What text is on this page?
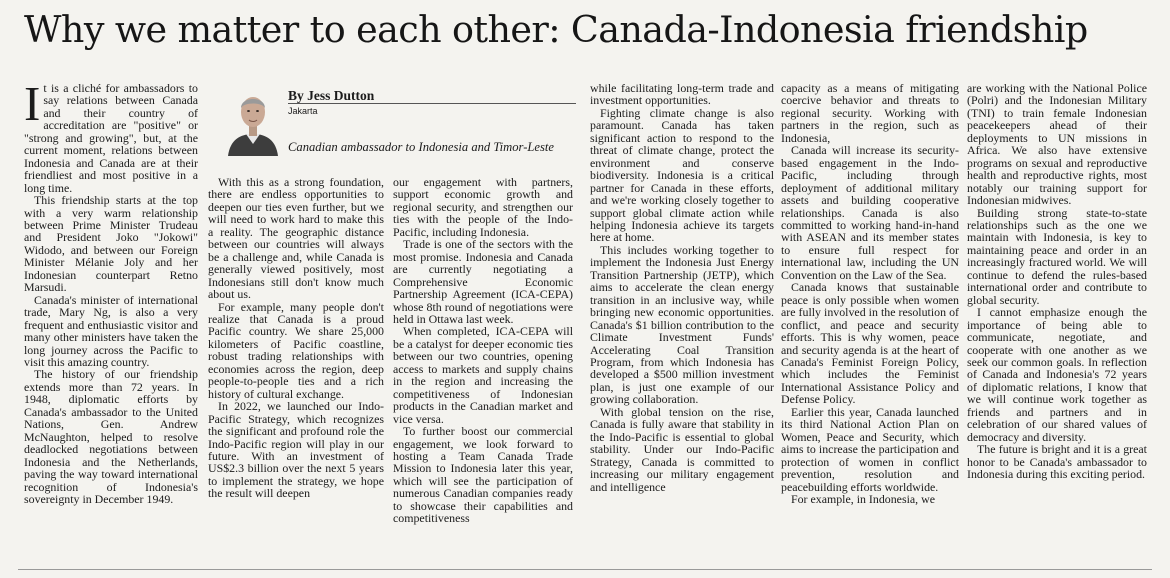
Why we matter to each other: Canada-Indonesia friendship
By Jess Dutton
Jakarta
Canadian ambassador to Indonesia and Timor-Leste

It is a cliché for ambassadors to say relations between Canada and their country of accreditation are "positive" or "strong and growing", but, at the current moment, relations between Indonesia and Canada are at their friendliest and most positive in a long time.

This friendship starts at the top with a very warm relationship between Prime Minister Trudeau and President Joko "Jokowi" Widodo, and between our Foreign Minister Mélanie Joly and her Indonesian counterpart Retno Marsudi.

Canada's minister of international trade, Mary Ng, is also a very frequent and enthusiastic visitor and many other ministers have taken the long journey across the Pacific to visit this amazing country.

The history of our friendship extends more than 72 years. In 1948, diplomatic efforts by Canada's ambassador to the United Nations, Gen. Andrew McNaughton, helped to resolve deadlocked negotiations between Indonesia and the Netherlands, paving the way toward international recognition of Indonesia's sovereignty in December 1949.

With this as a strong foundation, there are endless opportunities to deepen our ties even further, but we will need to work hard to make this a reality. The geographic distance between our countries will always be a challenge and, while Canada is generally viewed positively, most Indonesians still don't know much about us.

For example, many people don't realize that Canada is a proud Pacific country. We share 25,000 kilometers of Pacific coastline, robust trading relationships with economies across the region, deep people-to-people ties and a rich history of cultural exchange.

In 2022, we launched our Indo-Pacific Strategy, which recognizes the significant and profound role the Indo-Pacific region will play in our future. With an investment of US$2.3 billion over the next 5 years to implement the strategy, we hope the result will deepen

our engagement with partners, support economic growth and regional security, and strengthen our ties with the people of the Indo-Pacific, including Indonesia.

Trade is one of the sectors with the most promise. Indonesia and Canada are currently negotiating a Comprehensive Economic Partnership Agreement (ICA-CEPA) whose 8th round of negotiations were held in Ottawa last week.

When completed, ICA-CEPA will be a catalyst for deeper economic ties between our two countries, opening access to markets and supply chains in the region and increasing the competitiveness of Indonesian products in the Canadian market and vice versa.

To further boost our commercial engagement, we look forward to hosting a Team Canada Trade Mission to Indonesia later this year, which will see the participation of numerous Canadian companies ready to showcase their capabilities and competitiveness

while facilitating long-term trade and investment opportunities.

Fighting climate change is also paramount. Canada has taken significant action to respond to the threat of climate change, protect the environment and conserve biodiversity. Indonesia is a critical partner for Canada in these efforts, and we're working closely together to support global climate action while helping Indonesia achieve its targets here at home.

This includes working together to implement the Indonesia Just Energy Transition Partnership (JETP), which aims to accelerate the clean energy transition in an inclusive way, while bringing new economic opportunities. Canada's $1 billion contribution to the Climate Investment Funds' Accelerating Coal Transition Program, from which Indonesia has developed a $500 million investment plan, is just one example of our growing collaboration.

With global tension on the rise, Canada is fully aware that stability in the Indo-Pacific is essential to global stability. Under our Indo-Pacific Strategy, Canada is committed to increasing our military engagement and intelligence

capacity as a means of mitigating coercive behavior and threats to regional security. Working with partners in the region, such as Indonesia,

Canada will increase its security-based engagement in the Indo-Pacific, including through deployment of additional military assets and building cooperative relationships. Canada is also committed to working hand-in-hand with ASEAN and its member states to ensure full respect for international law, including the UN Convention on the Law of the Sea.

Canada knows that sustainable peace is only possible when women are fully involved in the resolution of conflict, and peace and security efforts. This is why women, peace and security agenda is at the heart of Canada's Feminist Foreign Policy, which includes the Feminist International Assistance Policy and Defense Policy.

Earlier this year, Canada launched its third National Action Plan on Women, Peace and Security, which aims to increase the participation and protection of women in conflict prevention, resolution and peacebuilding efforts worldwide.

For example, in Indonesia, we

are working with the National Police (Polri) and the Indonesian Military (TNI) to train female Indonesian peacekeepers ahead of their deployments to UN missions in Africa. We also have extensive programs on sexual and reproductive health and reproductive rights, most notably our training support for Indonesian midwives.

Building strong state-to-state relationships such as the one we maintain with Indonesia, is key to maintaining peace and order in an increasingly fractured world. We will continue to defend the rules-based international order and contribute to global security.

I cannot emphasize enough the importance of being able to communicate, negotiate, and cooperate with one another as we seek our common goals. In reflection of Canada and Indonesia's 72 years of diplomatic relations, I know that we will continue work together as friends and partners and in celebration of our shared values of democracy and diversity.

The future is bright and it is a great honor to be Canada's ambassador to Indonesia during this exciting period.
